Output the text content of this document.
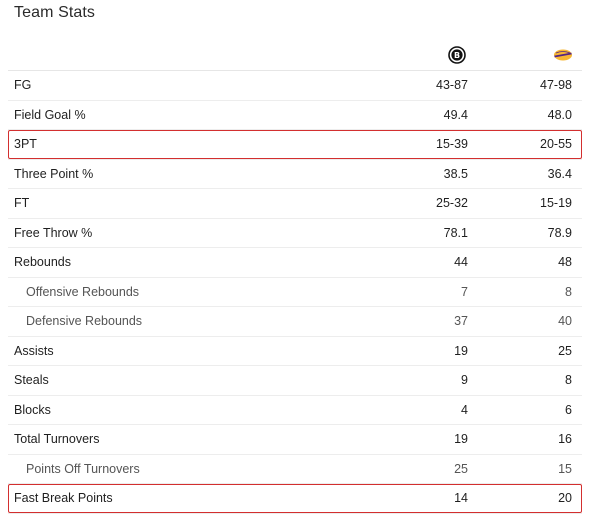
Team Stats
B
FG	43-87	47-98
Field Goal %	49.4	48.0
3PT	15-39	20-55
Three Point %	38.5	36.4
FT	25-32	15-19
Free Throw %	78.1	78.9
Rebounds	44	48
Offensive Rebounds	7	8
Defensive Rebounds	37	40
Assists	19	25
Steals	9	8
Blocks	4	6
Total Turnovers	19	16
Points Off Turnovers	25	15
Fast Break Points	14	20
